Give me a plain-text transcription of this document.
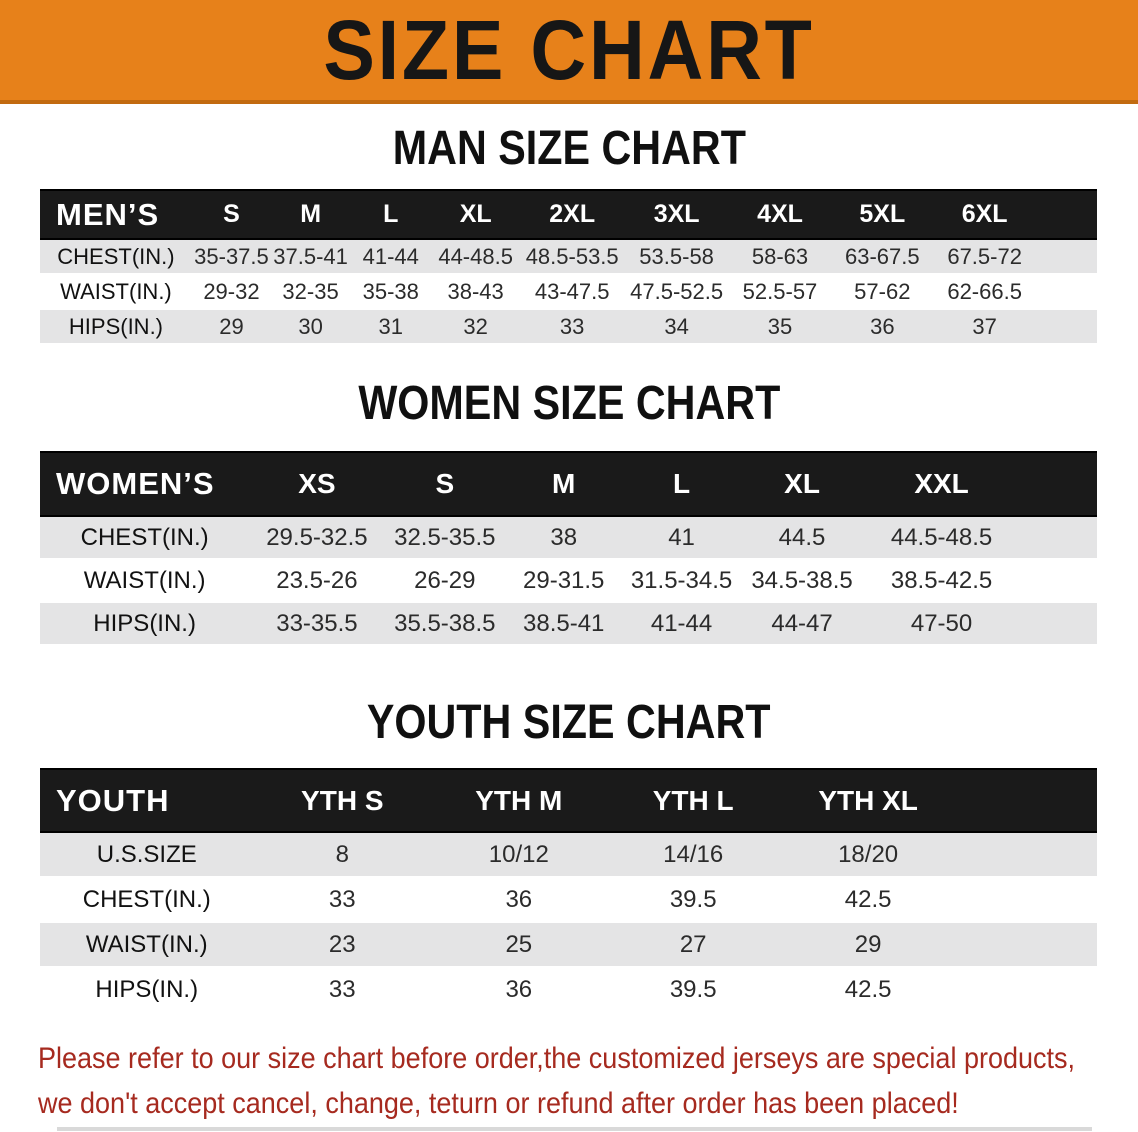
SIZE CHART
MAN SIZE CHART
MEN’S	S	M	L	XL	2XL	3XL	4XL	5XL	6XL
CHEST(IN.) 35-37.5 37.5-41 41-44 44-48.5 48.5-53.5 53.5-58	58-63	63-67.5	67.5-72
WAIST(IN.)	29-32	32-35	35-38	38-43	43-47.5 47.5-52.5 52.5-57	57-62	62-66.5
HIPS(IN.)	29	30	31	32	33	34	35	36	37
WOMEN SIZE CHART
WOMEN’S	XS	S	M	L	XL	XXL
CHEST(IN.)	29.5-32.5	32.5-35.5	38	41	44.5	44.5-48.5
WAIST(IN.)	23.5-26	26-29	29-31.5	31.5-34.5 34.5-38.5	38.5-42.5
HIPS(IN.)	33-35.5	35.5-38.5	38.5-41	41-44	44-47	47-50
YOUTH SIZE CHART
YOUTH	YTH S	YTH M	YTH L	YTH XL
U.S.SIZE	8	10/12	14/16	18/20
CHEST(IN.)	33	36	39.5	42.5
WAIST(IN.)	23	25	27	29
HIPS(IN.)	33	36	39.5	42.5
Please refer to our size chart before order,the customized jerseys are special products,
we don't accept cancel, change, teturn or refund after order has been placed!
